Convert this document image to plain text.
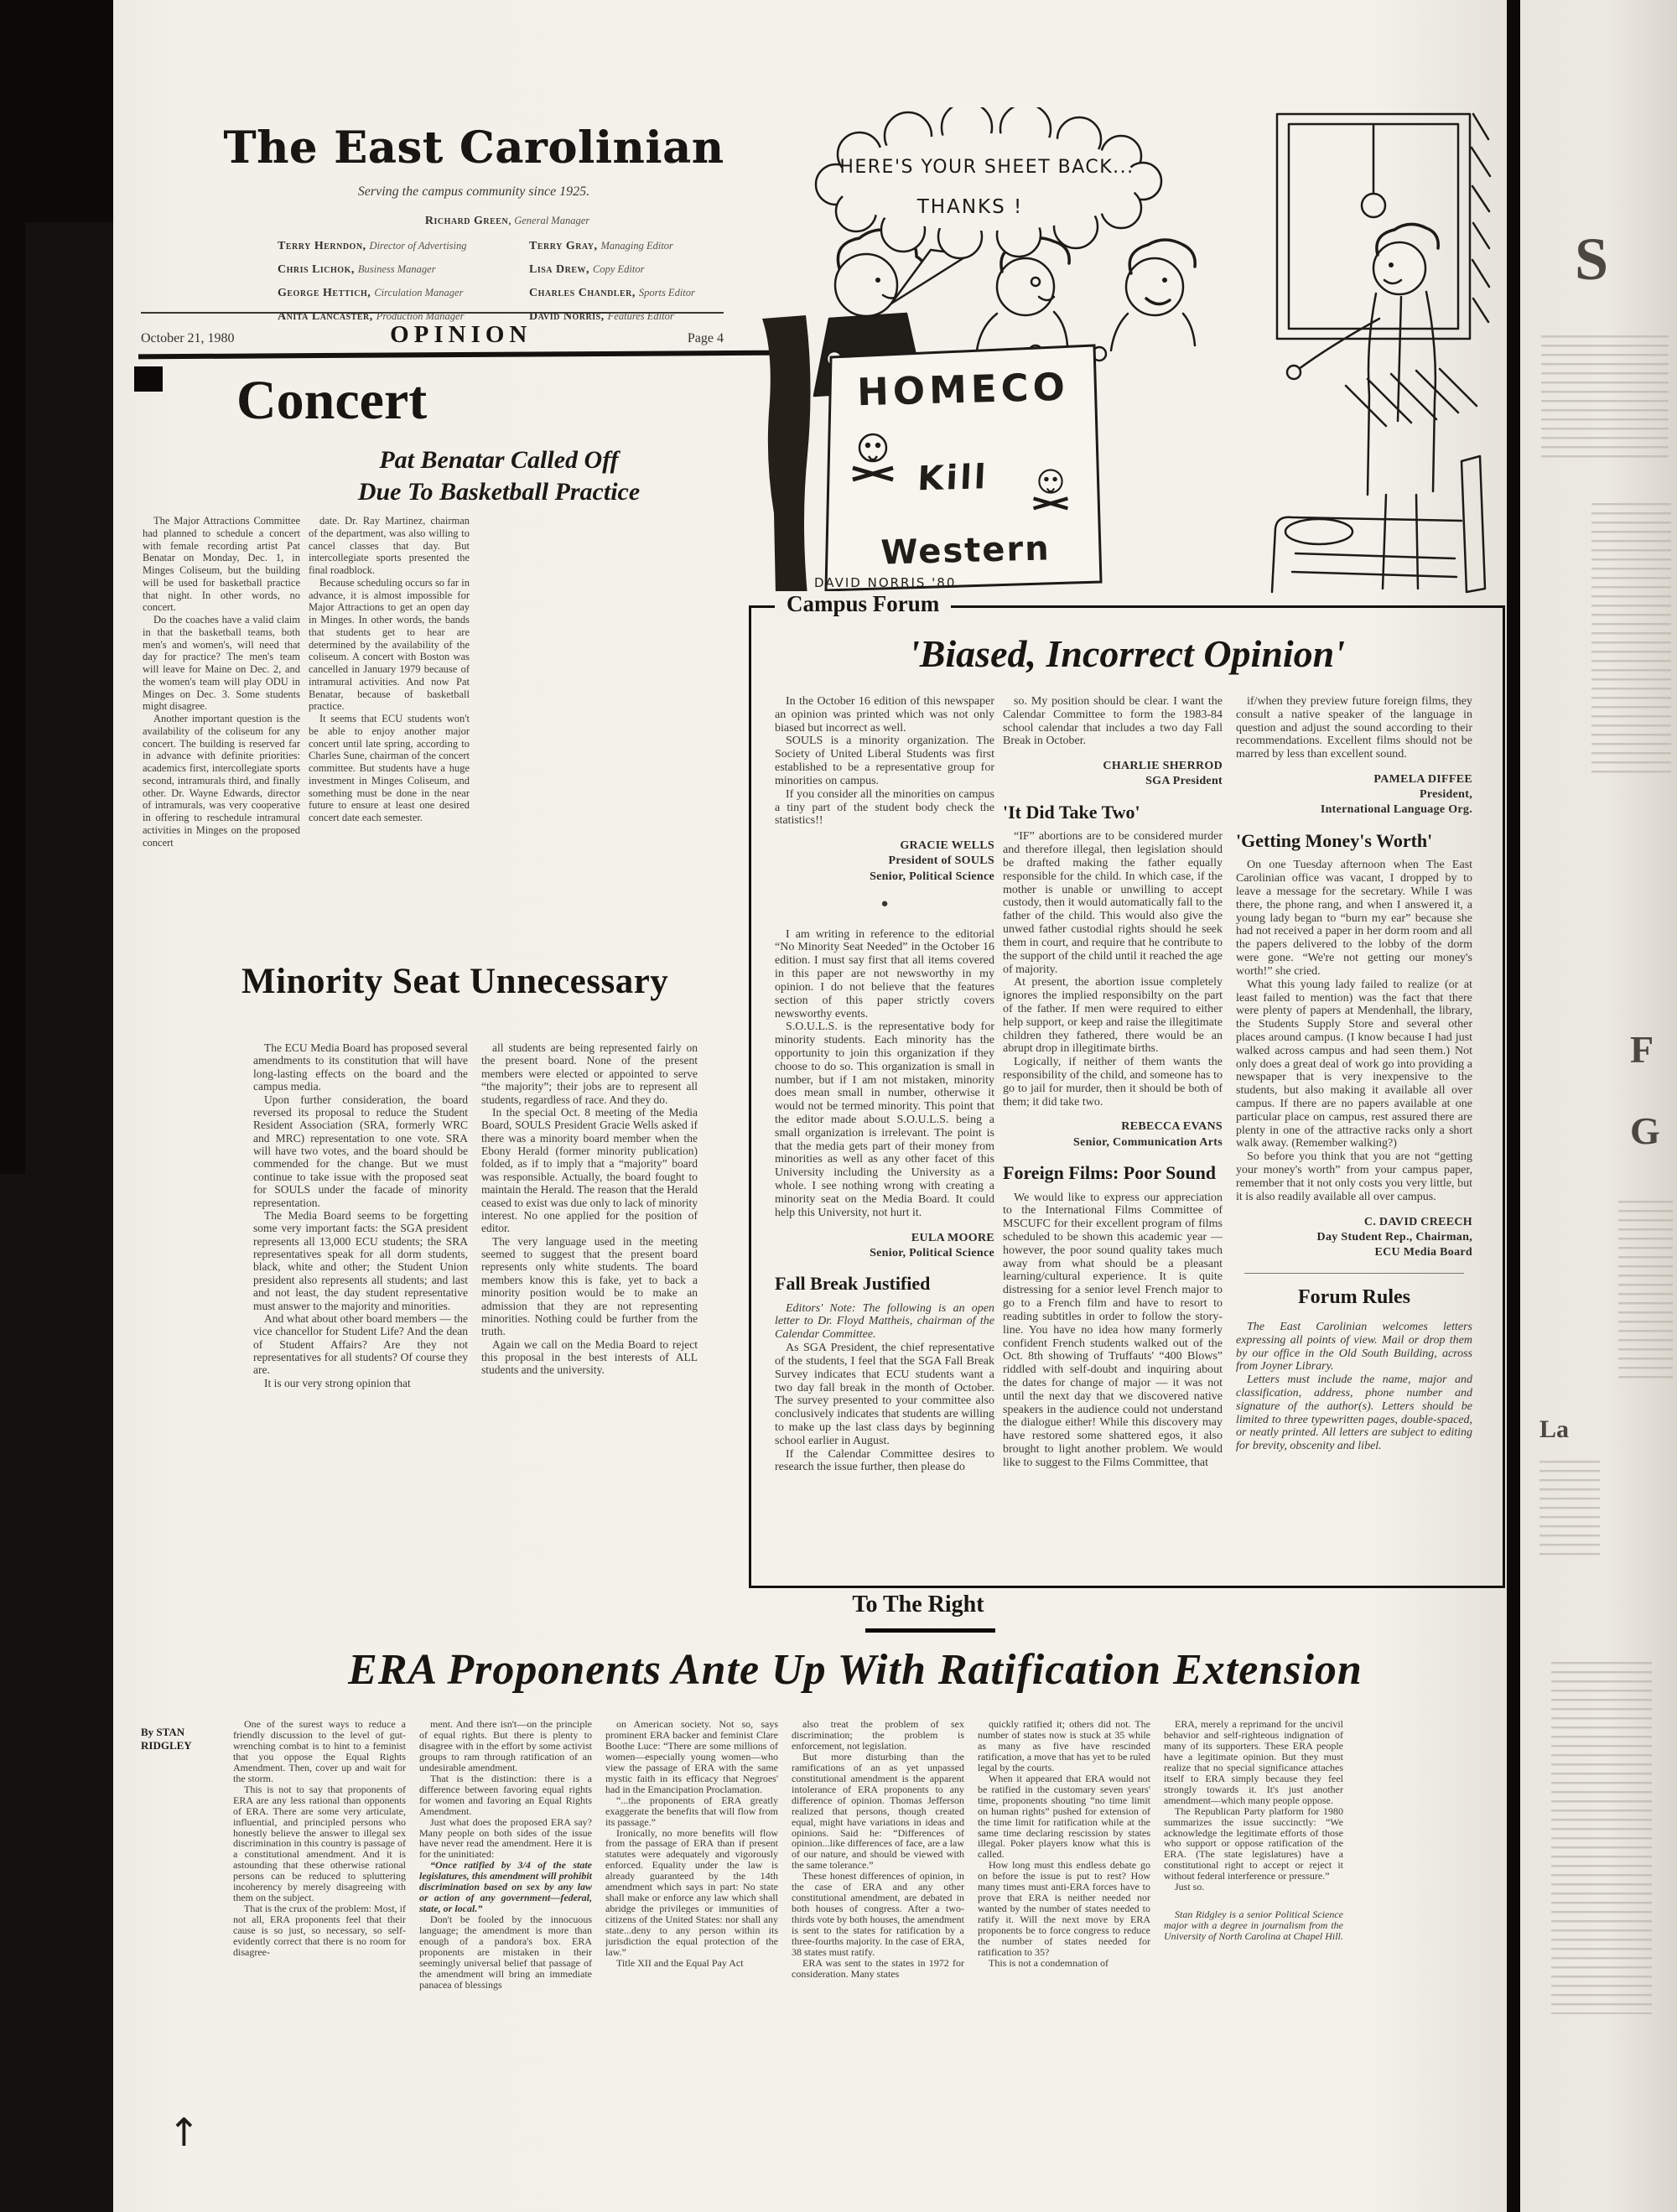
The East Carolinian
Serving the campus community since 1925.
Richard Green, General Manager

Terry Herndon, Director of Advertising

Chris Lichok, Business Manager

George Hettich, Circulation Manager

Anita Lancaster, Production Manager

Terry Gray, Managing Editor

Lisa Drew, Copy Editor

Charles Chandler, Sports Editor

David Norris, Features Editor

October 21, 1980	OPINION	Page 4
Concert
Pat Benatar Called Off
Due To Basketball Practice

The Major Attractions Committee had planned to schedule a concert with female recording artist Pat Benatar on Monday, Dec. 1, in Minges Coliseum, but the building will be used for basketball practice that night. In other words, no concert.

Do the coaches have a valid claim in that the basketball teams, both men's and women's, will need that day for practice? The men's team will leave for Maine on Dec. 2, and the women's team will play ODU in Minges on Dec. 3. Some students might disagree.

Another important question is the availability of the coliseum for any concert. The building is reserved far in advance with definite priorities: academics first, intercollegiate sports second, intramurals third, and finally other. Dr. Wayne Edwards, director of intramurals, was very cooperative in offering to reschedule intramural activities in Minges on the proposed concert

date. Dr. Ray Martinez, chairman of the department, was also willing to cancel classes that day. But intercollegiate sports presented the final roadblock.

Because scheduling occurs so far in advance, it is almost impossible for Major Attractions to get an open day in Minges. In other words, the bands that students get to hear are determined by the availability of the coliseum. A concert with Boston was cancelled in January 1979 because of intramural activities. And now Pat Benatar, because of basketball practice.

It seems that ECU students won't be able to enjoy another major concert until late spring, according to Charles Sune, chairman of the concert committee. But students have a huge investment in Minges Coliseum, and something must be done in the near future to ensure at least one desired concert date each semester.

HOMECO
Kill
Western
HERE'S YOUR SHEET BACK...
THANKS !
DAVID NORRIS '80
Minority Seat Unnecessary

The ECU Media Board has proposed several amendments to its constitution that will have long-lasting effects on the board and the campus media.

Upon further consideration, the board reversed its proposal to reduce the Student Resident Association (SRA, formerly WRC and MRC) representation to one vote. SRA will have two votes, and the board should be commended for the change. But we must continue to take issue with the proposed seat for SOULS under the facade of minority representation.

The Media Board seems to be forgetting some very important facts: the SGA president represents all 13,000 ECU students; the SRA representatives speak for all dorm students, black, white and other; the Student Union president also represents all students; and last and not least, the day student representative must answer to the majority and minorities.

And what about other board members — the vice chancellor for Student Life? And the dean of Student Affairs? Are they not representatives for all students? Of course they are.

It is our very strong opinion that

all students are being represented fairly on the present board. None of the present members were elected or appointed to serve “the majority”; their jobs are to represent all students, regardless of race. And they do.

In the special Oct. 8 meeting of the Media Board, SOULS President Gracie Wells asked if there was a minority board member when the Ebony Herald (former minority publication) folded, as if to imply that a “majority” board was responsible. Actually, the board fought to maintain the Herald. The reason that the Herald ceased to exist was due only to lack of minority interest. No one applied for the position of editor.

The very language used in the meeting seemed to suggest that the present board represents only white students. The board members know this is fake, yet to back a minority position would be to make an admission that they are not representing minorities. Nothing could be further from the truth.

Again we call on the Media Board to reject this proposal in the best interests of ALL students and the university.

Campus Forum
'Biased, Incorrect Opinion'

In the October 16 edition of this newspaper an opinion was printed which was not only biased but incorrect as well.

SOULS is a minority organization. The Society of United Liberal Students was first established to be a representative group for minorities on campus.

If you consider all the minorities on campus a tiny part of the student body check the statistics!!

GRACIE WELLS

President of SOULS

Senior, Political Science

●

I am writing in reference to the editorial “No Minority Seat Needed” in the October 16 edition. I must say first that all items covered in this paper are not newsworthy in my opinion. I do not believe that the features section of this paper strictly covers newsworthy events.

S.O.U.L.S. is the representative body for minority students. Each minority has the opportunity to join this organization if they choose to do so. This organization is small in number, but if I am not mistaken, minority does mean small in number, otherwise it would not be termed minority. This point that the editor made about S.O.U.L.S. being a small organization is irrelevant. The point is that the media gets part of their money from minorities as well as any other facet of this University including the University as a whole. I see nothing wrong with creating a minority seat on the Media Board. It could help this University, not hurt it.

EULA MOORE

Senior, Political Science

Fall Break Justified

Editors' Note: The following is an open letter to Dr. Floyd Mattheis, chairman of the Calendar Committee.

As SGA President, the chief representative of the students, I feel that the SGA Fall Break Survey indicates that ECU students want a two day fall break in the month of October. The survey presented to your committee also conclusively indicates that students are willing to make up the last class days by beginning school earlier in August.

If the Calendar Committee desires to research the issue further, then please do

so. My position should be clear. I want the Calendar Committee to form the 1983-84 school calendar that includes a two day Fall Break in October.

CHARLIE SHERROD

SGA President

'It Did Take Two'

“IF” abortions are to be considered murder and therefore illegal, then legislation should be drafted making the father equally responsible for the child. In which case, if the mother is unable or unwilling to accept custody, then it would automatically fall to the father of the child. This would also give the unwed father custodial rights should he seek them in court, and require that he contribute to the support of the child until it reached the age of majority.

At present, the abortion issue completely ignores the implied responsibilty on the part of the father. If men were required to either help support, or keep and raise the illegitimate children they fathered, there would be an abrupt drop in illegitimate births.

Logically, if neither of them wants the responsibility of the child, and someone has to go to jail for murder, then it should be both of them; it did take two.

REBECCA EVANS

Senior, Communication Arts

Foreign Films: Poor Sound

We would like to express our appreciation to the International Films Committee of MSCUFC for their excellent program of films scheduled to be shown this academic year — however, the poor sound quality takes much away from what should be a pleasant learning/cultural experience. It is quite distressing for a senior level French major to go to a French film and have to resort to reading subtitles in order to follow the story-line. You have no idea how many formerly confident French students walked out of the Oct. 8th showing of Truffauts' “400 Blows” riddled with self-doubt and inquiring about the dates for change of major — it was not until the next day that we discovered native speakers in the audience could not understand the dialogue either! While this discovery may have restored some shattered egos, it also brought to light another problem. We would like to suggest to the Films Committee, that

if/when they preview future foreign films, they consult a native speaker of the language in question and adjust the sound according to their recommendations. Excellent films should not be marred by less than excellent sound.

PAMELA DIFFEE

President,

International Language Org.

'Getting Money's Worth'

On one Tuesday afternoon when The East Carolinian office was vacant, I dropped by to leave a message for the secretary. While I was there, the phone rang, and when I answered it, a young lady began to “burn my ear” because she had not received a paper in her dorm room and all the papers delivered to the lobby of the dorm were gone. “We're not getting our money's worth!” she cried.

What this young lady failed to realize (or at least failed to mention) was the fact that there were plenty of papers at Mendenhall, the library, the Students Supply Store and several other places around campus. (I know because I had just walked across campus and had seen them.) Not only does a great deal of work go into providing a newspaper that is very inexpensive to the students, but also making it available all over campus. If there are no papers available at one particular place on campus, rest assured there are plenty in one of the attractive racks only a short walk away. (Remember walking?)

So before you think that you are not “getting your money's worth” from your campus paper, remember that it not only costs you very little, but it is also readily available all over campus.

C. DAVID CREECH

Day Student Rep., Chairman,

ECU Media Board

Forum Rules

The East Carolinian welcomes letters expressing all points of view. Mail or drop them by our office in the Old South Building, across from Joyner Library.

Letters must include the name, major and classification, address, phone number and signature of the author(s). Letters should be limited to three typewritten pages, double-spaced, or neatly printed. All letters are subject to editing for brevity, obscenity and libel.

To The Right
ERA Proponents Ante Up With Ratification Extension
By STAN RIDGLEY

One of the surest ways to reduce a friendly discussion to the level of gut-wrenching combat is to hint to a feminist that you oppose the Equal Rights Amendment. Then, cover up and wait for the storm.

This is not to say that proponents of ERA are any less rational than opponents of ERA. There are some very articulate, influential, and principled persons who honestly believe the answer to illegal sex discrimination in this country is passage of a constitutional amendment. And it is astounding that these otherwise rational persons can be reduced to spluttering incoherency by merely disagreeing with them on the subject.

That is the crux of the problem: Most, if not all, ERA proponents feel that their cause is so just, so necessary, so self-evidently correct that there is no room for disagree-

ment. And there isn't—on the principle of equal rights. But there is plenty to disagree with in the effort by some activist groups to ram through ratification of an undesirable amendment.

That is the distinction: there is a difference between favoring equal rights for women and favoring an Equal Rights Amendment.

Just what does the proposed ERA say? Many people on both sides of the issue have never read the amendment. Here it is for the uninitiated:

“Once ratified by 3/4 of the state legislatures, this amendment will prohibit discrimination based on sex by any law or action of any government—federal, state, or local.”

Don't be fooled by the innocuous language; the amendment is more than enough of a pandora's box. ERA proponents are mistaken in their seemingly universal belief that passage of the amendment will bring an immediate panacea of blessings

on American society. Not so, says prominent ERA backer and feminist Clare Boothe Luce: “There are some millions of women—especially young women—who view the passage of ERA with the same mystic faith in its efficacy that Negroes' had in the Emancipation Proclamation.

“...the proponents of ERA greatly exaggerate the benefits that will flow from its passage.”

Ironically, no more benefits will flow from the passage of ERA than if present statutes were adequately and vigorously enforced. Equality under the law is already guaranteed by the 14th amendment which says in part: No state shall make or enforce any law which shall abridge the privileges or immunities of citizens of the United States: nor shall any state...deny to any person within its jurisdiction the equal protection of the law.”

Title XII and the Equal Pay Act

also treat the problem of sex discrimination; the problem is enforcement, not legislation.

But more disturbing than the ramifications of an as yet unpassed constitutional amendment is the apparent intolerance of ERA proponents to any difference of opinion. Thomas Jefferson realized that persons, though created equal, might have variations in ideas and opinions. Said he: “Differences of opinion...like differences of face, are a law of our nature, and should be viewed with the same tolerance.”

These honest differences of opinion, in the case of ERA and any other constitutional amendment, are debated in both houses of congress. After a two-thirds vote by both houses, the amendment is sent to the states for ratification by a three-fourths majority. In the case of ERA, 38 states must ratify.

ERA was sent to the states in 1972 for consideration. Many states

quickly ratified it; others did not. The number of states now is stuck at 35 while as many as five have rescinded ratification, a move that has yet to be ruled legal by the courts.

When it appeared that ERA would not be ratified in the customary seven years' time, proponents shouting “no time limit on human rights” pushed for extension of the time limit for ratification while at the same time declaring rescission by states illegal. Poker players know what this is called.

How long must this endless debate go on before the issue is put to rest? How many times must anti-ERA forces have to prove that ERA is neither needed nor wanted by the number of states needed to ratify it. Will the next move by ERA proponents be to force congress to reduce the number of states needed for ratification to 35?

This is not a condemnation of

ERA, merely a reprimand for the uncivil behavior and self-righteous indignation of many of its supporters. These ERA people have a legitimate opinion. But they must realize that no special significance attaches itself to ERA simply because they feel strongly towards it. It's just another amendment—which many people oppose.

The Republican Party platform for 1980 summarizes the issue succinctly: “We acknowledge the legitimate efforts of those who support or oppose ratification of the ERA. (The state legislatures) have a constitutional right to accept or reject it without federal interference or pressure.”

Just so.

Stan Ridgley is a senior Political Science major with a degree in journalism from the University of North Carolina at Chapel Hill.

↑
S
F
G
La
